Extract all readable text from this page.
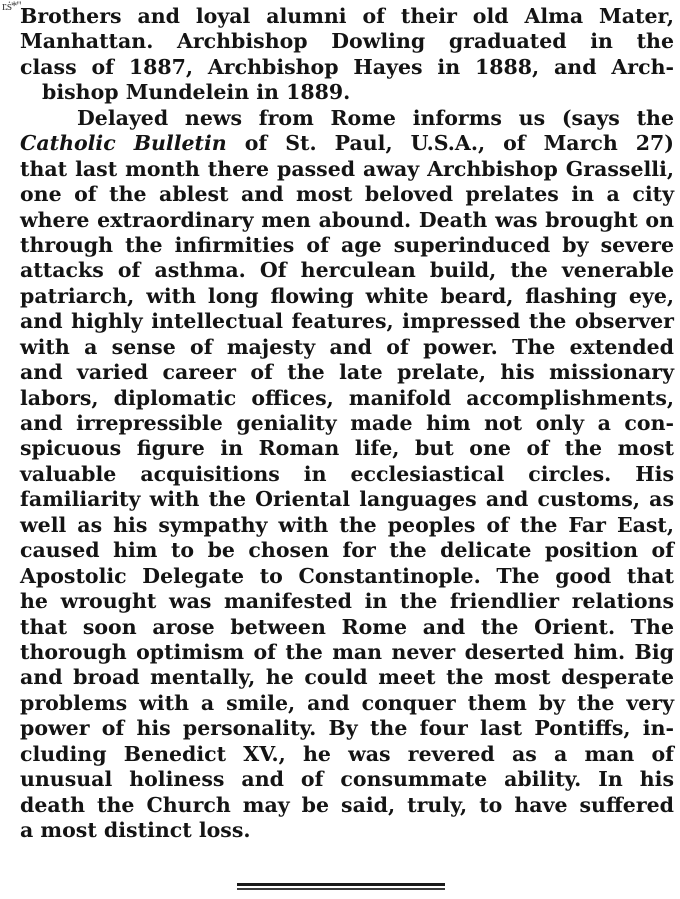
r.ṡ*" Brothers and loyal alumni of their old Alma Mater,
Manhattan. Archbishop Dowling graduated in the
class of 1887, Archbishop Hayes in 1888, and Arch-
bishop Mundelein in 1889.
Delayed news from Rome informs us (says the
Catholic Bulletin of St. Paul, U.S.A., of March 27)
that last month there passed away Archbishop Grasselli,
one of the ablest and most beloved prelates in a city
where extraordinary men abound. Death was brought on
through the infirmities of age superinduced by severe
attacks of asthma. Of herculean build, the venerable
patriarch, with long flowing white beard, flashing eye,
and highly intellectual features, impressed the observer
with a sense of majesty and of power. The extended
and varied career of the late prelate, his missionary
labors, diplomatic offices, manifold accomplishments,
and irrepressible geniality made him not only a con-
spicuous figure in Roman life, but one of the most
valuable acquisitions in ecclesiastical circles. His
familiarity with the Oriental languages and customs, as
well as his sympathy with the peoples of the Far East,
caused him to be chosen for the delicate position of
Apostolic Delegate to Constantinople. The good that
he wrought was manifested in the friendlier relations
that soon arose between Rome and the Orient. The
thorough optimism of the man never deserted him. Big
and broad mentally, he could meet the most desperate
problems with a smile, and conquer them by the very
power of his personality. By the four last Pontiffs, in-
cluding Benedict XV., he was revered as a man of
unusual holiness and of consummate ability. In his
death the Church may be said, truly, to have suffered
a most distinct loss.
